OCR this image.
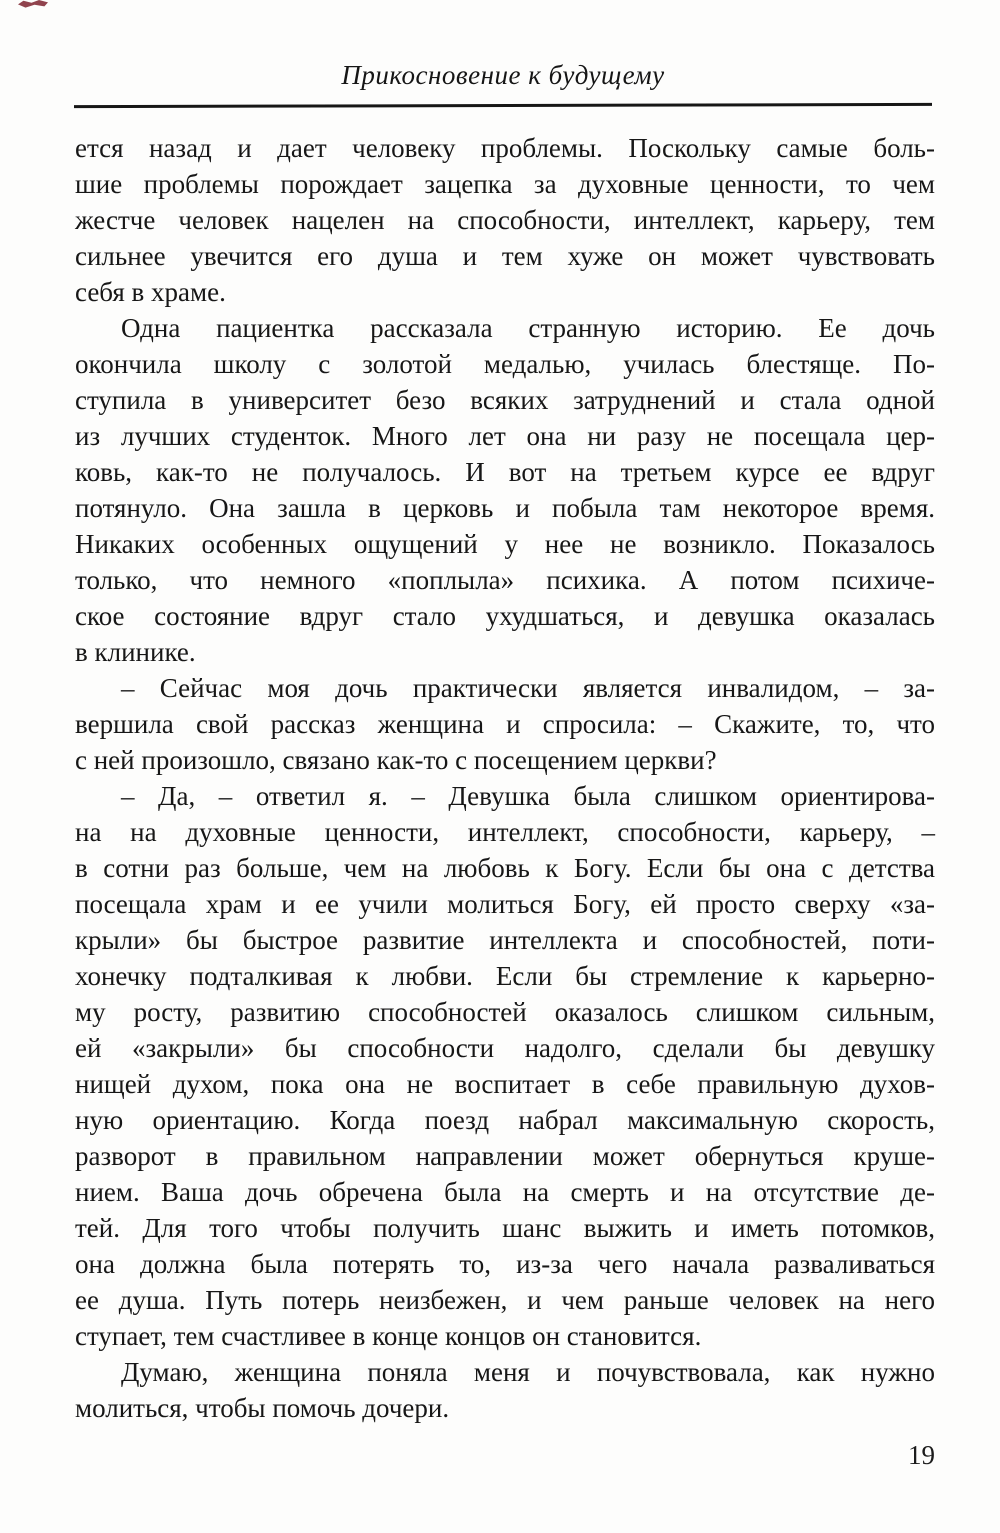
Прикосновение к будущему
ется назад и дает человеку проблемы. Поскольку самые боль-
шие проблемы порождает зацепка за духовные ценности, то чем
жестче человек нацелен на способности, интеллект, карьеру, тем
сильнее увечится его душа и тем хуже он может чувствовать
себя в храме.
Одна пациентка рассказала странную историю. Ее дочь
окончила школу с золотой медалью, училась блестяще. По-
ступила в университет безо всяких затруднений и стала одной
из лучших студенток. Много лет она ни разу не посещала цер-
ковь, как-то не получалось. И вот на третьем курсе ее вдруг
потянуло. Она зашла в церковь и побыла там некоторое время.
Никаких особенных ощущений у нее не возникло. Показалось
только, что немного «поплыла» психика. А потом психиче-
ское состояние вдруг стало ухудшаться, и девушка оказалась
в клинике.
– Сейчас моя дочь практически является инвалидом, – за-
вершила свой рассказ женщина и спросила: – Скажите, то, что
с ней произошло, связано как-то с посещением церкви?
– Да, – ответил я. – Девушка была слишком ориентирова-
на на духовные ценности, интеллект, способности, карьеру, –
в сотни раз больше, чем на любовь к Богу. Если бы она с детства
посещала храм и ее учили молиться Богу, ей просто сверху «за-
крыли» бы быстрое развитие интеллекта и способностей, поти-
хонечку подталкивая к любви. Если бы стремление к карьерно-
му росту, развитию способностей оказалось слишком сильным,
ей «закрыли» бы способности надолго, сделали бы девушку
нищей духом, пока она не воспитает в себе правильную духов-
ную ориентацию. Когда поезд набрал максимальную скорость,
разворот в правильном направлении может обернуться круше-
нием. Ваша дочь обречена была на смерть и на отсутствие де-
тей. Для того чтобы получить шанс выжить и иметь потомков,
она должна была потерять то, из-за чего начала разваливаться
ее душа. Путь потерь неизбежен, и чем раньше человек на него
ступает, тем счастливее в конце концов он становится.
Думаю, женщина поняла меня и почувствовала, как нужно
молиться, чтобы помочь дочери.
19
